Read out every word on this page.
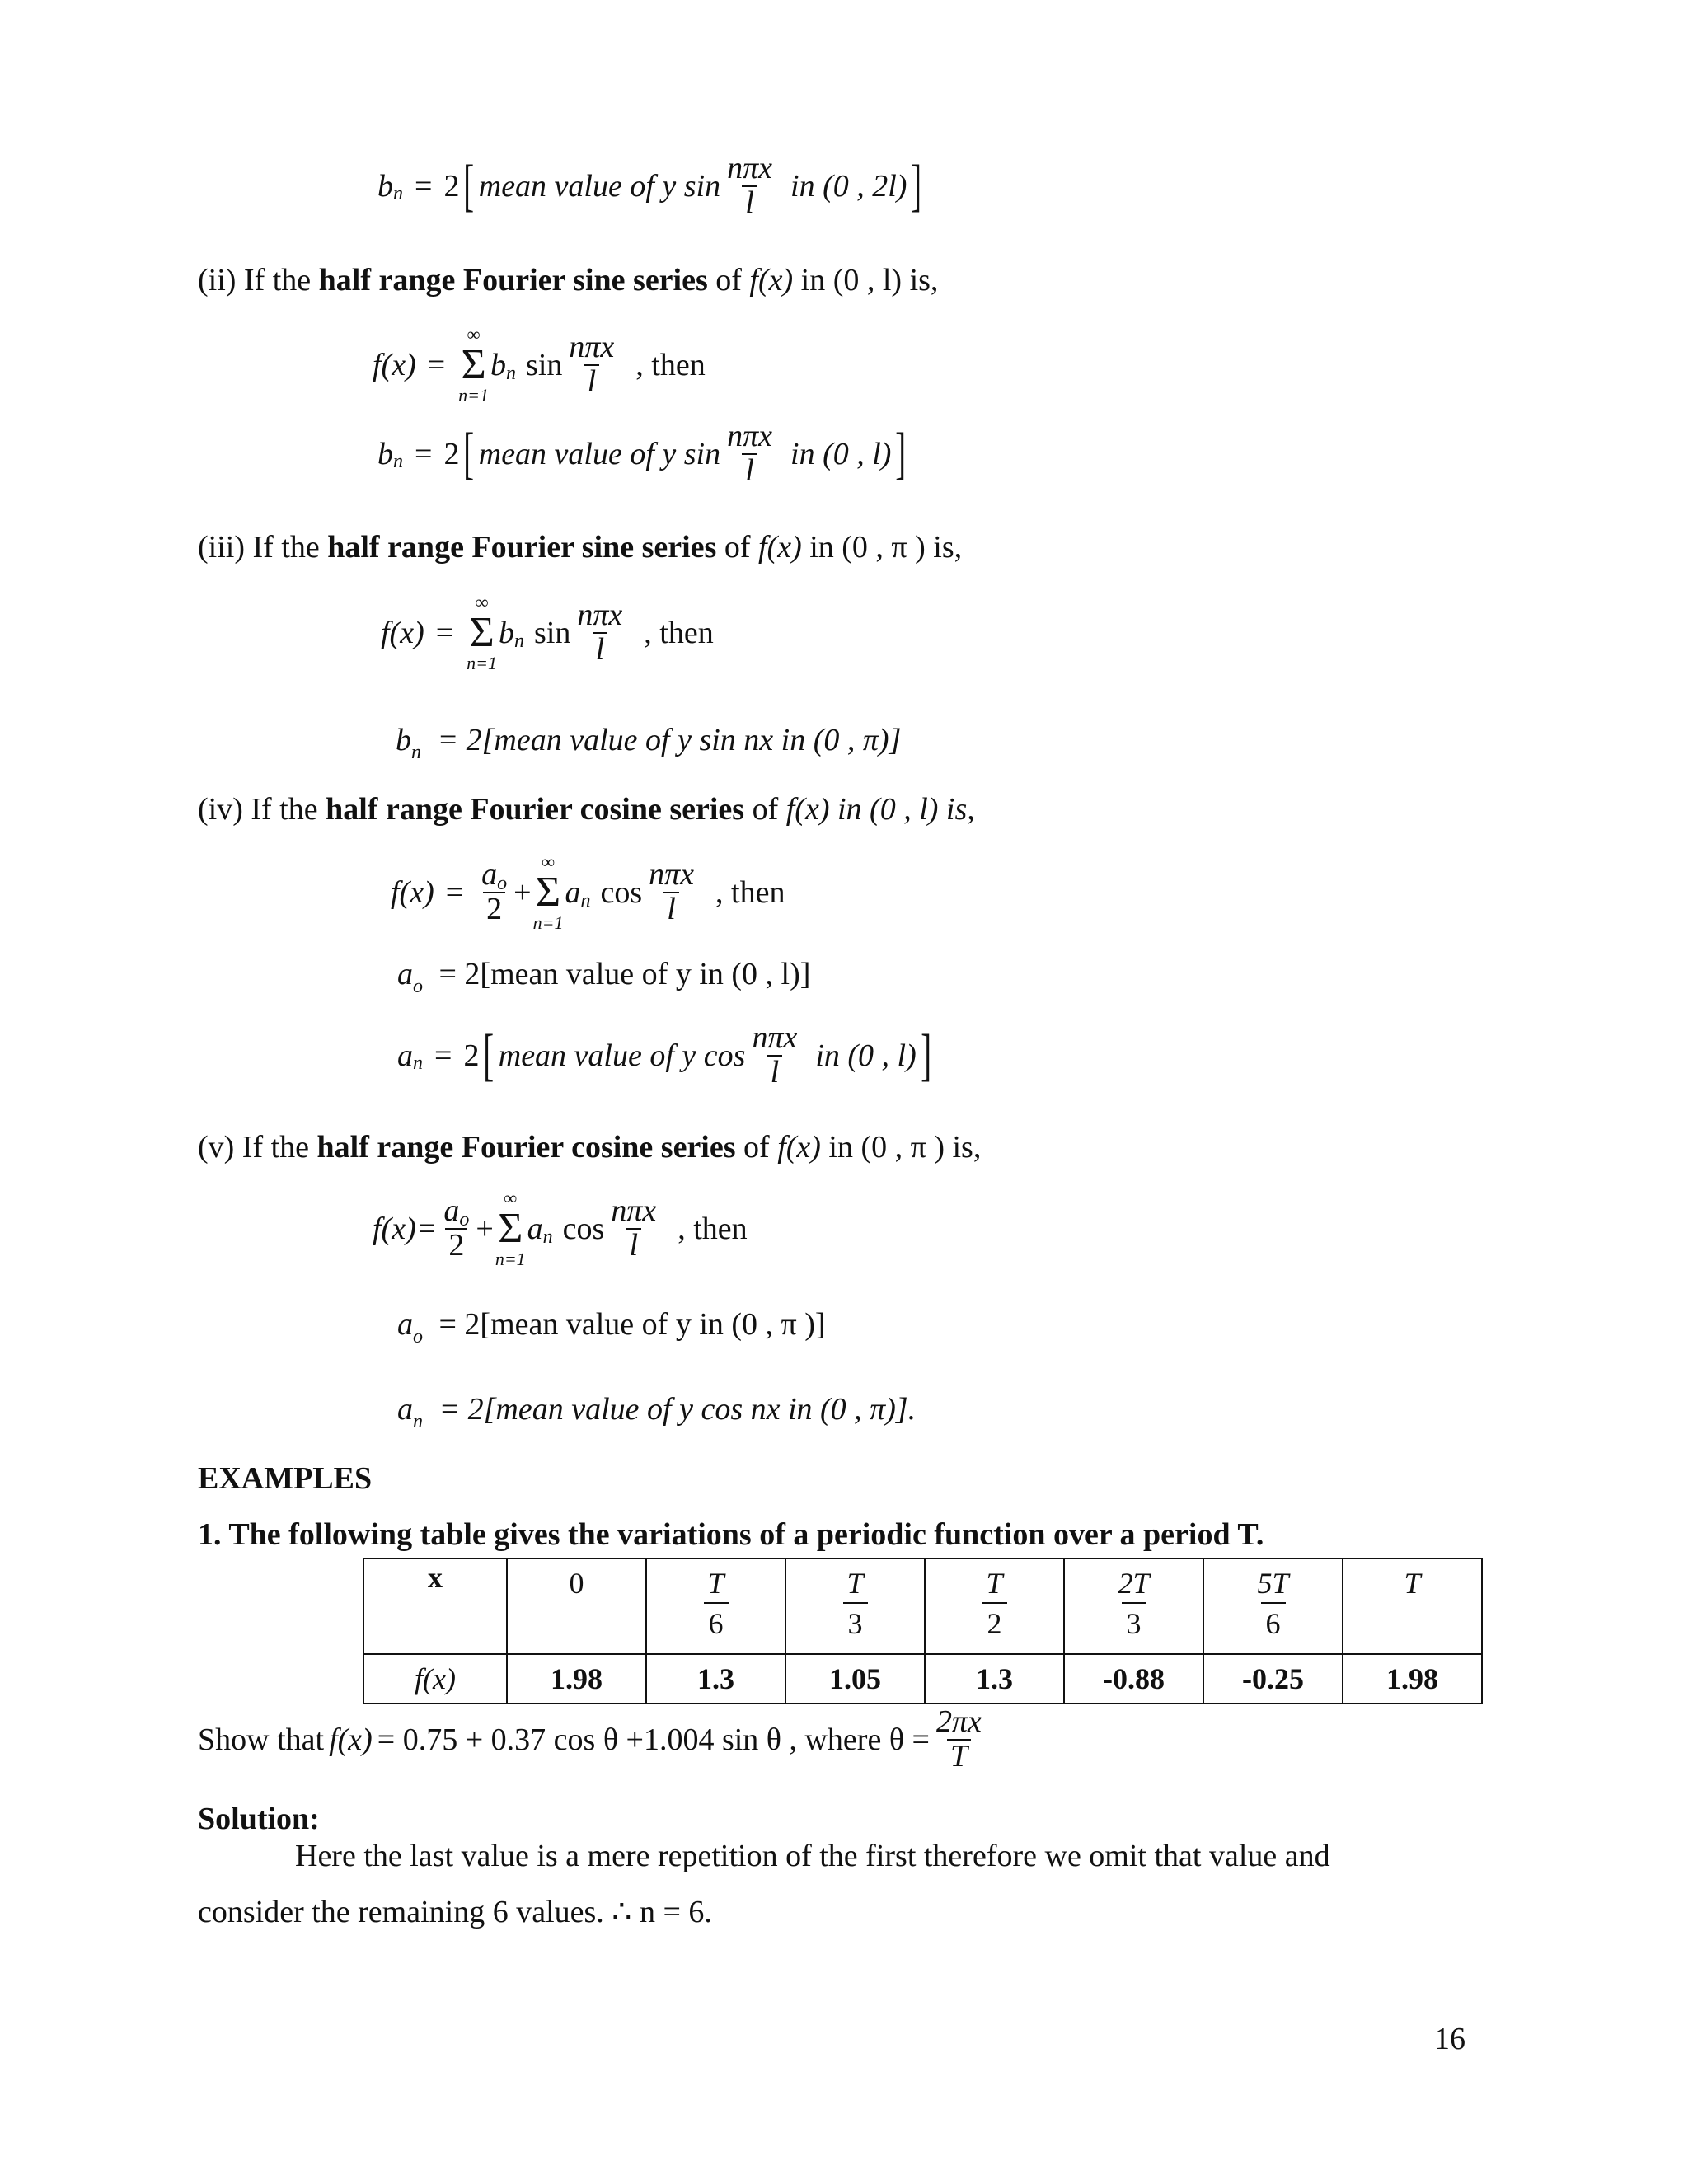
b n = 2 [ mean value of y $\sin \frac{\text{nπx}}{l}$ in (0 , 2l) ]
(ii) If the half range Fourier sine series of f(x) in (0 , l) is,
f(x) =
∞
Σ
n=1
b n $\sin \frac{\text{nπx}}{l}$ , then
b n = 2 [ mean value of y $\sin \frac{\text{nπx}}{l}$ in (0 , l) ]
(iii) If the half range Fourier sine series of f(x) in (0 , π ) is,
f(x) =
∞
Σ
n=1
b n $\sin \frac{\text{nπx}}{l}$ , then
$b_n$ = 2[mean value of y sin nx in (0 , π)]
(iv) If the half range Fourier cosine series of f(x) in (0 , l) is,
$f(x) = \frac{ao}{2}$ +
∞
Σ
n=1
a n $\cos \frac{\text{nπx}}{l}$ , then
$a_o$ = 2[mean value of y in (0 , l)]
a n = 2 [ mean value of y $\cos \frac{\text{nπx}}{l}$ in (0 , l) ]
(v) If the half range Fourier cosine series of f(x) in (0 , π ) is,
$f(x)= \frac{ao}{2}$ +
∞
Σ
n=1
a n $\cos \frac{\text{nπx}}{l}$ , then
$a_o$ = 2[mean value of y in (0 , π )]
$a_n$ = 2[mean value of y cos nx in (0 , π)].
EXAMPLES
1. The following table gives the variations of a periodic function over a period T.
x	0	$\frac{T}{6}$	$\frac{T}{3}$	$\frac{T}{2}$	$\frac{2T}{3}$	$\frac{5T}{6}$	T

f(x)	1.98	1.3	1.05	1.3	-0.88	-0.25	1.98
Show that f(x) = 0.75 + 0.37 cos θ +1.004 sin θ , where $\theta = \frac{2\pi x}{T}$
Solution:
Here the last value is a mere repetition of the first therefore we omit that value and
consider the remaining 6 values. ∴ n = 6.
16
